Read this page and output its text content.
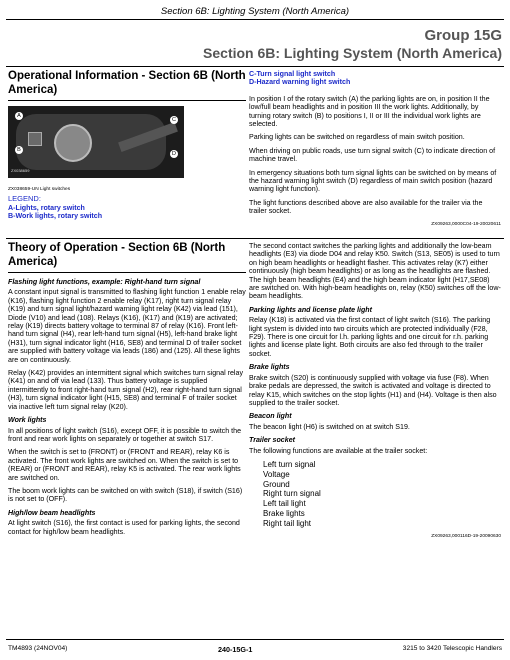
Section 6B: Lighting System (North America)
Group 15G
Section 6B: Lighting System (North America)
Operational Information - Section 6B (North America)
A
B
C
D
ZX038659
ZX038659-UN Light switches
LEGEND:
A-Lights, rotary switch
B-Work lights, rotary switch
C-Turn signal light switch
D-Hazard warning light switch

In position I of the rotary switch (A) the parking lights are on, in position II the low/full beam headlights and in position III the work lights. Additionally, by turning rotary switch (B) to positions I, II or III the individual work lights are selected.

Parking lights can be switched on regardless of main switch position.

When driving on public roads, use turn signal switch (C) to indicate direction of machine travel.

In emergency situations both turn signal lights can be switched on by means of the hazard warning light switch (D) regardless of main switch position (hazard warning light function).

The light functions described above are also available for the trailer via the trailer socket.

ZX09263,0000C04-19-20020611
Theory of Operation - Section 6B (North America)
Flashing light functions, example: Right-hand turn signal

A constant input signal is transmitted to flashing light function 1 enable relay (K16), flashing light function 2 enable relay (K17), right turn signal relay (K19) and turn signal light/hazard warning light relay (K42) via lead (151), Diode (V10) and lead (108). Relays (K16), (K17) and (K19) are activated; relay (K19) directs battery voltage to terminal 87 of relay (K16). Front left-hand turn signal (H4), rear left-hand turn signal (H5), left-hand brake light (H31), turn signal indicator light (H16, SE8) and terminal D of trailer socket are supplied with battery voltage via leads (186) and (125). All these lights are on continuously.

Relay (K42) provides an intermittent signal which switches turn signal relay (K41) on and off via lead (133). Thus battery voltage is supplied intermittently to front right-hand turn signal (H2), rear right-hand turn signal (H3), turn signal indicator light (H15, SE8) and terminal F of trailer socket via inactive left turn signal relay (K20).

Work lights

In all positions of light switch (S16), except OFF, it is possible to switch the front and rear work lights on separately or together at switch S17.

When the switch is set to (FRONT) or (FRONT and REAR), relay K6 is activated. The front work lights are switched on. When the switch is set to (REAR) or (FRONT and REAR), relay K5 is activated. The rear work lights are switched on.

The boom work lights can be switched on with switch (S18), if switch (S16) is not set to (OFF).

High/low beam headlights

At light switch (S16), the first contact is used for parking lights, the second contact for high/low beam headlights.

The second contact switches the parking lights and additionally the low-beam headlights (E3) via diode D04 and relay K50. Switch (S13, SE05) is used to turn on high beam headlights or headlight flasher. This activates relay (K7) either continuously (high beam headlights) or as long as the headlights are flashed. The high beam headlights (E4) and the high beam indicator light (H17,SE08) are switched on. With high-beam headlights on, relay (K50) switches off the low-beam headlights.

Parking lights and license plate light

Relay (K18) is activated via the first contact of light switch (S16). The parking light system is divided into two circuits which are protected individually (F28, F29). There is one circuit for l.h. parking lights and one circuit for r.h. parking lights and license plate light. Both circuits are also fed through to the trailer socket.

Brake lights

Brake switch (S20) is continuously supplied with voltage via fuse (F8). When brake pedals are depressed, the switch is activated and voltage is directed to relay K15, which switches on the stop lights (H1) and (H4). Voltage is then also supplied to the trailer socket.

Beacon light

The beacon light (H6) is switched on at switch S19.

Trailer socket

The following functions are available at the trailer socket:

Left turn signal
Voltage
Ground
Right turn signal
Left tail light
Brake lights
Right tail light
ZX09263,000116D-19-20090630
TM4893 (24NOV04)	240-15G-1	3215 to 3420 Telescopic Handlers
